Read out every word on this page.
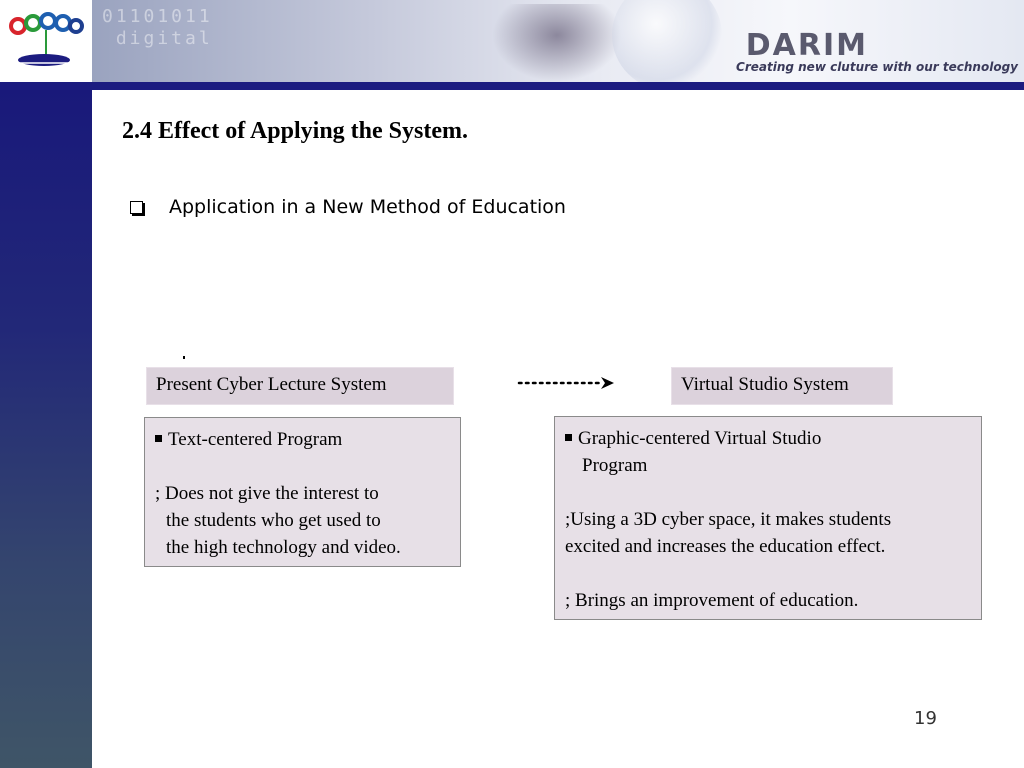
01101011
digital	DARIM
Creating new cluture with our technology
2.4 Effect of Applying the System.
Application in a New Method of Education
Present Cyber Lecture System	Virtual Studio System
Text-centered Program
; Does not give the interest to
the students who get used to
the high technology and video.
Graphic-centered Virtual Studio
Program
;Using a 3D cyber space, it makes students
excited and increases the education effect.
; Brings an improvement of education.
19
